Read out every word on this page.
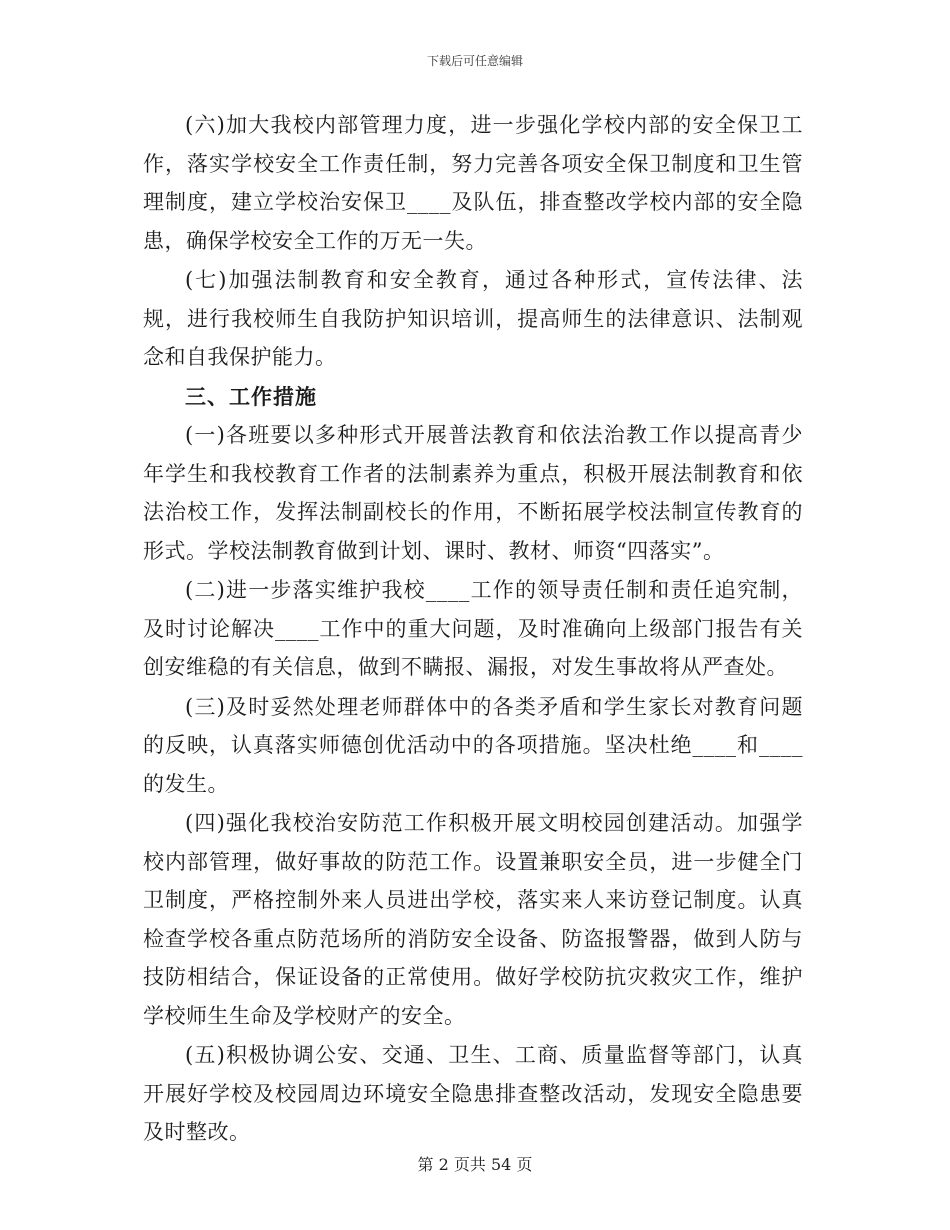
下载后可任意编辑

(六)加大我校内部管理力度，进一步强化学校内部的安全保卫工作，落实学校安全工作责任制，努力完善各项安全保卫制度和卫生管理制度，建立学校治安保卫____及队伍，排查整改学校内部的安全隐患，确保学校安全工作的万无一失。

(七)加强法制教育和安全教育，通过各种形式，宣传法律、法规，进行我校师生自我防护知识培训，提高师生的法律意识、法制观念和自我保护能力。

三、工作措施

(一)各班要以多种形式开展普法教育和依法治教工作以提高青少年学生和我校教育工作者的法制素养为重点，积极开展法制教育和依法治校工作，发挥法制副校长的作用，不断拓展学校法制宣传教育的形式。学校法制教育做到计划、课时、教材、师资“四落实”。

(二)进一步落实维护我校____工作的领导责任制和责任追究制，及时讨论解决____工作中的重大问题，及时准确向上级部门报告有关创安维稳的有关信息，做到不瞒报、漏报，对发生事故将从严查处。

(三)及时妥然处理老师群体中的各类矛盾和学生家长对教育问题的反映，认真落实师德创优活动中的各项措施。坚决杜绝____和____的发生。

(四)强化我校治安防范工作积极开展文明校园创建活动。加强学校内部管理，做好事故的防范工作。设置兼职安全员，进一步健全门卫制度，严格控制外来人员进出学校，落实来人来访登记制度。认真检查学校各重点防范场所的消防安全设备、防盗报警器，做到人防与技防相结合，保证设备的正常使用。做好学校防抗灾救灾工作，维护学校师生生命及学校财产的安全。

(五)积极协调公安、交通、卫生、工商、质量监督等部门，认真开展好学校及校园周边环境安全隐患排查整改活动，发现安全隐患要及时整改。

第 2 页共 54 页
